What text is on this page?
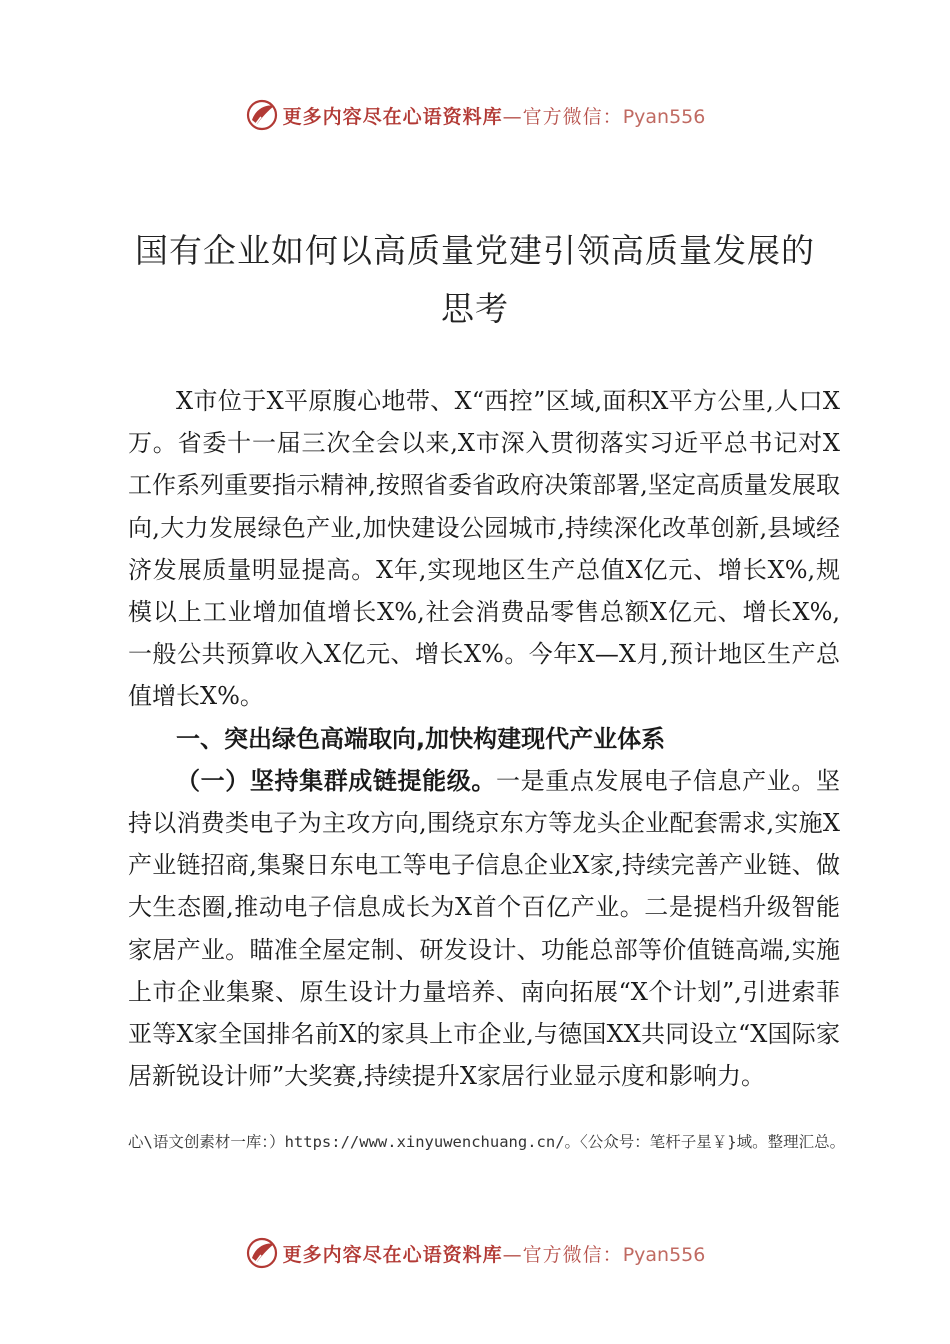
更多内容尽在心语资料库—官方微信：Pyan556
国有企业如何以高质量党建引领高质量发展的
思考

X市位于X平原腹心地带、X“西控”区域,面积X平方公里,人口X万。省委十一届三次全会以来,X市深入贯彻落实习近平总书记对X工作系列重要指示精神,按照省委省政府决策部署,坚定高质量发展取向,大力发展绿色产业,加快建设公园城市,持续深化改革创新,县域经济发展质量明显提高。X年,实现地区生产总值X亿元、增长X%,规模以上工业增加值增长X%,社会消费品零售总额X亿元、增长X%,一般公共预算收入X亿元、增长X%。今年X—X月,预计地区生产总值增长X%。

一、突出绿色高端取向,加快构建现代产业体系

（一）坚持集群成链提能级。一是重点发展电子信息产业。坚持以消费类电子为主攻方向,围绕京东方等龙头企业配套需求,实施X产业链招商,集聚日东电工等电子信息企业X家,持续完善产业链、做大生态圈,推动电子信息成长为X首个百亿产业。二是提档升级智能家居产业。瞄准全屋定制、研发设计、功能总部等价值链高端,实施上市企业集聚、原生设计力量培养、南向拓展“X个计划”,引进索菲亚等X家全国排名前X的家具上市企业,与德国XX共同设立“X国际家居新锐设计师”大奖赛,持续提升X家居行业显示度和影响力。

心\语文创素材一库：）https://www.xinyuwenchuang.cn/。〈公众号：笔杆子星￥}域。整理汇总。
更多内容尽在心语资料库—官方微信：Pyan556
